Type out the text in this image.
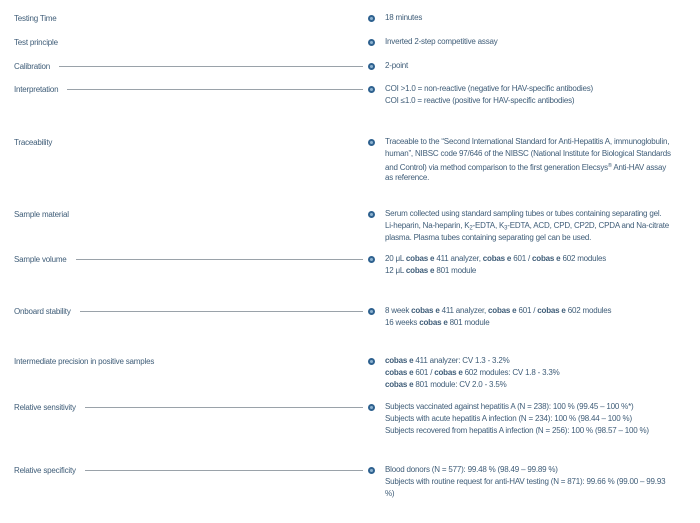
Testing Time	18 minutes
Test principle	Inverted 2-step competitive assay
Calibration	2-point
Interpretation	COI >1.0 = non-reactive (negative for HAV-specific antibodies)
COI ≤1.0 = reactive (positive for HAV-specific antibodies)
Traceability	Traceable to the “Second International Standard for Anti-Hepatitis A, immunoglobulin,
human”, NIBSC code 97/646 of the NIBSC (National Institute for Biological Standards
and Control) via method comparison to the first generation Elecsys® Anti-HAV assay
as reference.
Sample material	Serum collected using standard sampling tubes or tubes containing separating gel.
Li-heparin, Na-heparin, $K_2$-EDTA, $K_3$-EDTA, ACD, CPD, CP2D, CPDA and Na-citrate
plasma. Plasma tubes containing separating gel can be used.
Sample volume	20 μL cobas e 411 analyzer, cobas e 601 / cobas e 602 modules
12 μL cobas e 801 module
Onboard stability	8 week cobas e 411 analyzer, cobas e 601 / cobas e 602 modules
16 weeks cobas e 801 module
Intermediate precision in positive samples	cobas e 411 analyzer: CV 1.3 - 3.2%
cobas e 601 / cobas e 602 modules: CV 1.8 - 3.3%
cobas e 801 module: CV 2.0 - 3.5%
Relative sensitivity	Subjects vaccinated against hepatitis A (N = 238): 100 % (99.45 – 100 %*)
Subjects with acute hepatitis A infection (N = 234): 100 % (98.44 – 100 %)
Subjects recovered from hepatitis A infection (N = 256): 100 % (98.57 – 100 %)
Relative specificity	Blood donors (N = 577): 99.48 % (98.49 – 99.89 %)
Subjects with routine request for anti-HAV testing (N = 871): 99.66 % (99.00 – 99.93
%)
